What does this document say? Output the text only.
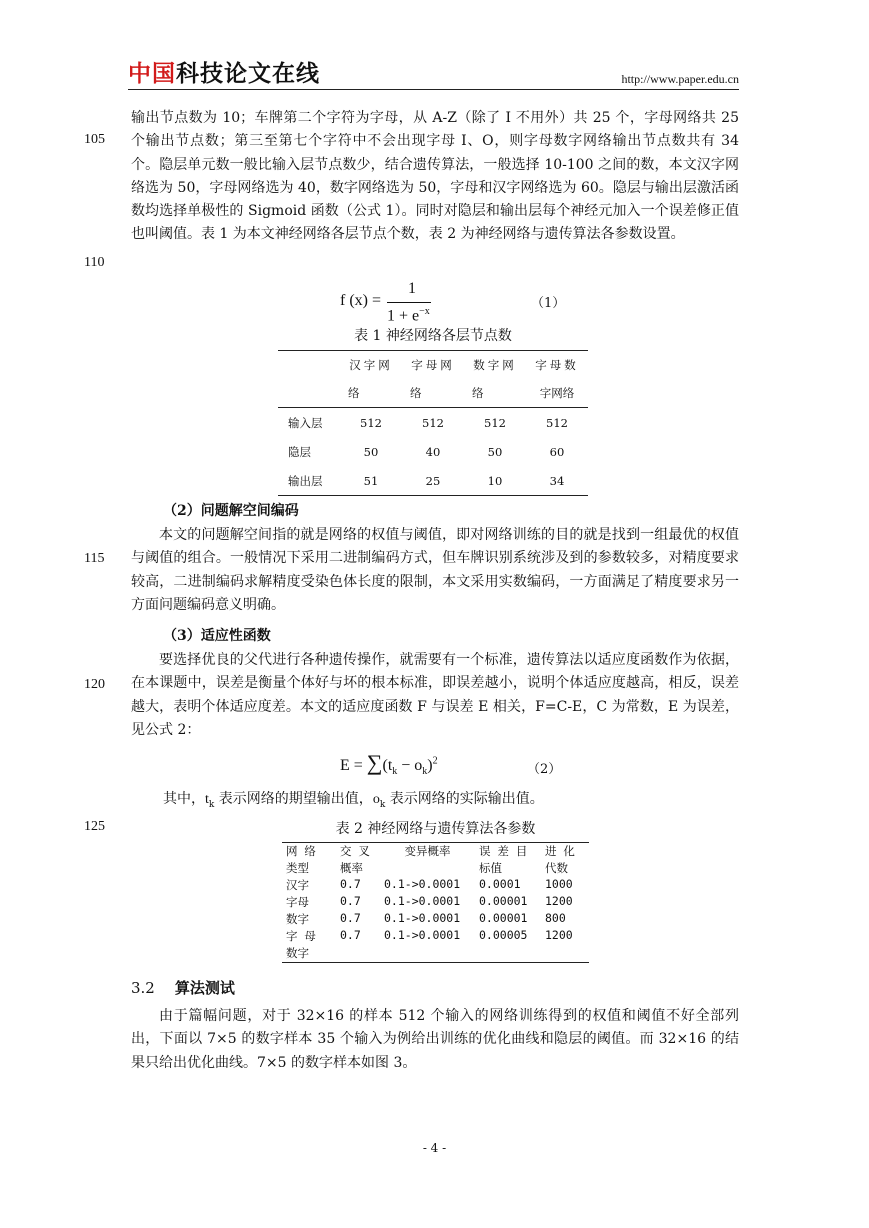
中国科技论文在线	http://www.paper.edu.cn
105
110
115
120
125
输出节点数为 10；车牌第二个字符为字母，从 A-Z（除了 I 不用外）共 25 个，字母网络共 25 个输出节点数；第三至第七个字符中不会出现字母 I、O，则字母数字网络输出节点数共有 34 个。隐层单元数一般比输入层节点数少，结合遗传算法，一般选择 10-100 之间的数，本文汉字网络选为 50，字母网络选为 40，数字网络选为 50，字母和汉字网络选为 60。隐层与输出层激活函数均选择单极性的 Sigmoid 函数（公式 1）。同时对隐层和输出层每个神经元加入一个误差修正值也叫阈值。表 1 为本文神经网络各层节点个数，表 2 为神经网络与遗传算法各参数设置。
f (x) =
1
$1 + e^{-x}$
（1）
表 1 神经网络各层节点数
	汉字网	字母网	数字网	字母数
	络	络	络	字网络
输入层	512	512	512	512
隐层	50	40	50	60
输出层	51	25	10	34
（2）问题解空间编码
本文的问题解空间指的就是网络的权值与阈值，即对网络训练的目的就是找到一组最优的权值与阈值的组合。一般情况下采用二进制编码方式，但车牌识别系统涉及到的参数较多，对精度要求较高，二进制编码求解精度受染色体长度的限制，本文采用实数编码，一方面满足了精度要求另一方面问题编码意义明确。
（3）适应性函数
要选择优良的父代进行各种遗传操作，就需要有一个标准，遗传算法以适应度函数作为依据，在本课题中，误差是衡量个体好与坏的根本标准，即误差越小，说明个体适应度越高，相反，误差越大，表明个体适应度差。本文的适应度函数 F 与误差 E 相关，F=C-E，C 为常数，E 为误差，见公式 2：
$E = \sum(t_k - o_k)^2$
（2）
其中，$t_k$ 表示网络的期望输出值，$o_k$ 表示网络的实际输出值。
表 2 神经网络与遗传算法各参数
网 络	交 叉	变异概率	误 差 目	进 化
类型	概率		标值	代数
汉字	0.7	0.1->0.0001	0.0001	1000
字母	0.7	0.1->0.0001	0.00001	1200
数字	0.7	0.1->0.0001	0.00001	800
字 母	0.7	0.1->0.0001	0.00005	1200
数字				
3.2 算法测试
由于篇幅问题，对于 32×16 的样本 512 个输入的网络训练得到的权值和阈值不好全部列出，下面以 7×5 的数字样本 35 个输入为例给出训练的优化曲线和隐层的阈值。而 32×16 的结果只给出优化曲线。7×5 的数字样本如图 3。
- 4 -
